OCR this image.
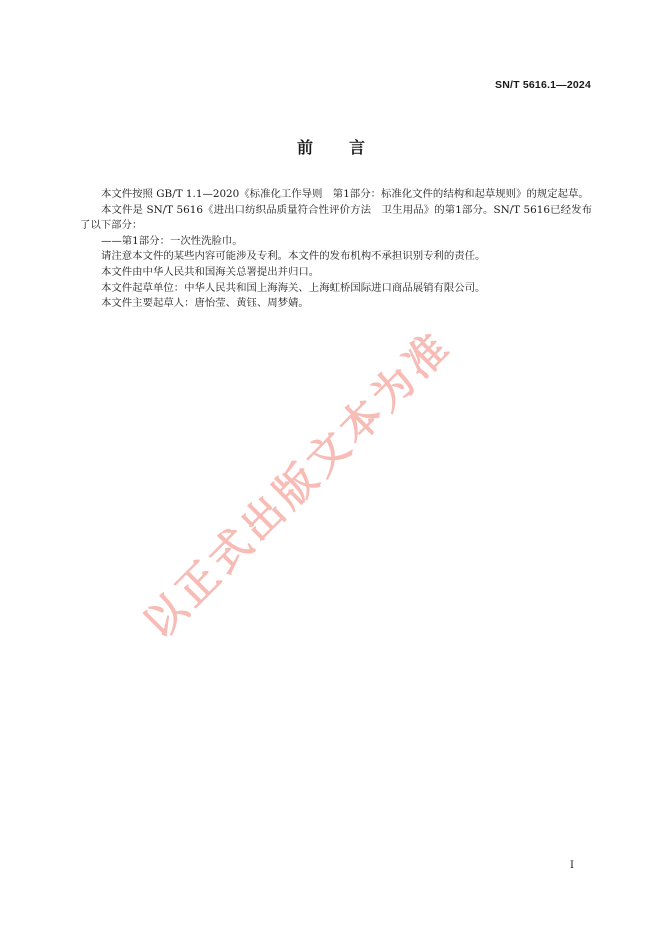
SN/T 5616.1—2024
前言

本文件按照 GB/T 1.1—2020《标准化工作导则　第1部分：标准化文件的结构和起草规则》的规定起草。

本文件是 SN/T 5616《进出口纺织品质量符合性评价方法　卫生用品》的第1部分。SN/T 5616已经发布了以下部分：

——第1部分：一次性洗脸巾。

请注意本文件的某些内容可能涉及专利。本文件的发布机构不承担识别专利的责任。

本文件由中华人民共和国海关总署提出并归口。

本文件起草单位：中华人民共和国上海海关、上海虹桥国际进口商品展销有限公司。

本文件主要起草人：唐怡莹、黄钰、周梦婧。

以正式出版文本为准
I
